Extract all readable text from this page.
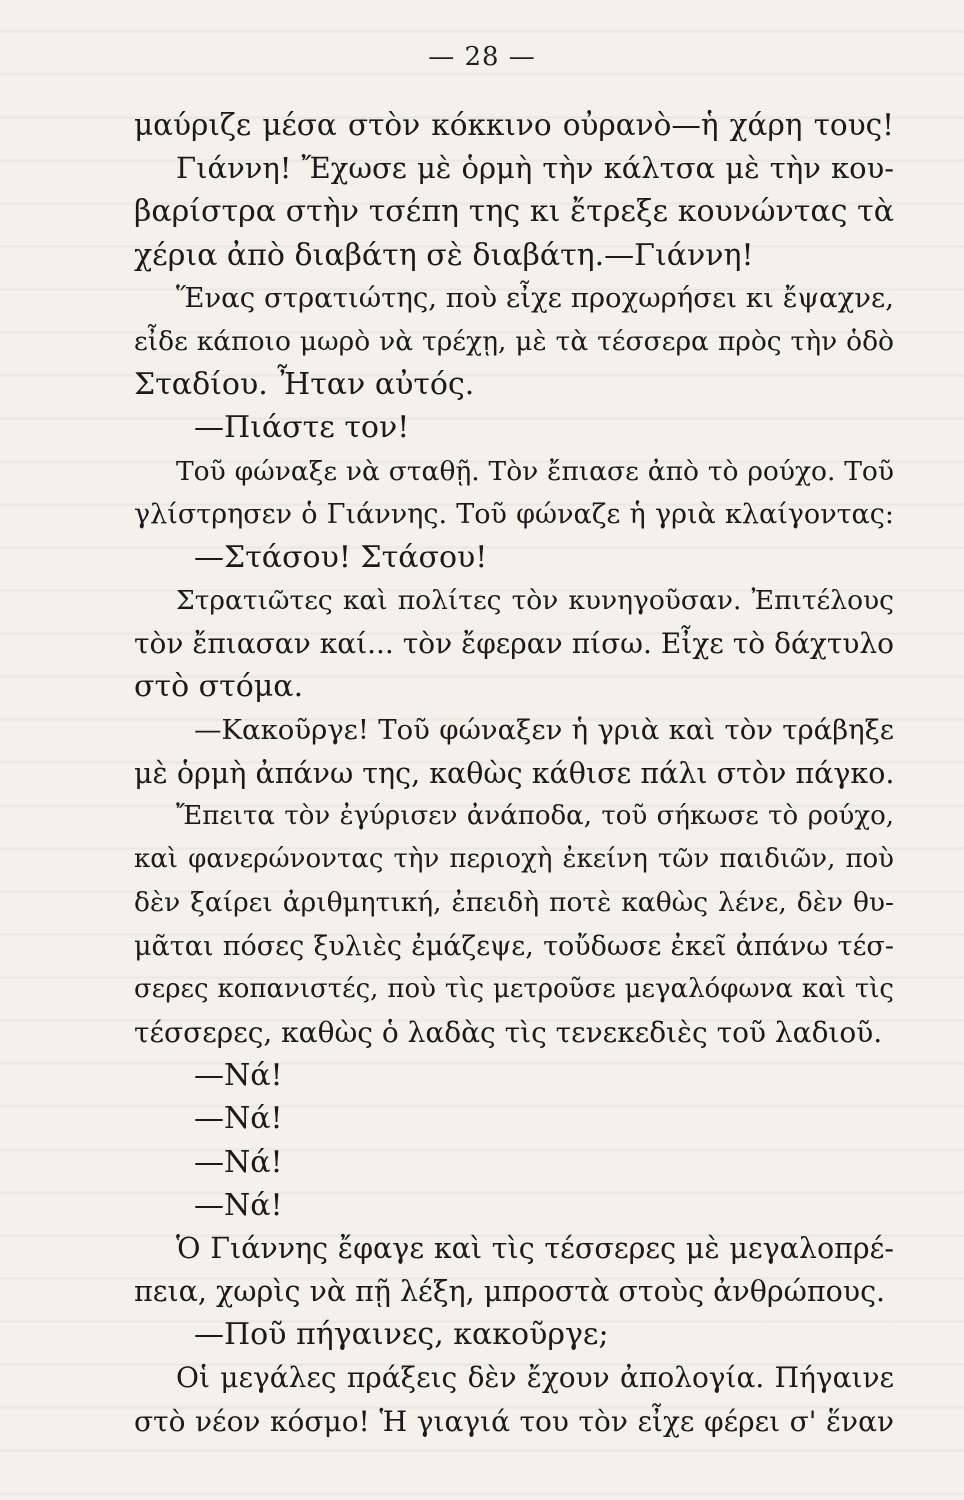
— 28 —
μαύριζε μέσα στὸν κόκκινο οὐρανὸ—ἡ χάρη τους!
Γιάννη! Ἔχωσε μὲ ὁρμὴ τὴν κάλτσα μὲ τὴν κου-
βαρίστρα στὴν τσέπη της κι ἔτρεξε κουνώντας τὰ
χέρια ἀπὸ διαβάτη σὲ διαβάτη.—Γιάννη!
Ἕνας στρατιώτης, ποὺ εἶχε προχωρήσει κι ἔψαχνε,
εἶδε κάποιο μωρὸ νὰ τρέχῃ, μὲ τὰ τέσσερα πρὸς τὴν ὁδὸ
Σταδίου. Ἦταν αὐτός.
—Πιάστε τον!
Τοῦ φώναξε νὰ σταθῇ. Τὸν ἔπιασε ἀπὸ τὸ ρούχο. Τοῦ
γλίστρησεν ὁ Γιάννης. Τοῦ φώναζε ἡ γριὰ κλαίγοντας:
—Στάσου! Στάσου!
Στρατιῶτες καὶ πολίτες τὸν κυνηγοῦσαν. Ἐπιτέλους
τὸν ἔπιασαν καί... τὸν ἔφεραν πίσω. Εἶχε τὸ δάχτυλο
στὸ στόμα.
—Κακοῦργε! Τοῦ φώναξεν ἡ γριὰ καὶ τὸν τράβηξε
μὲ ὁρμὴ ἀπάνω της, καθὼς κάθισε πάλι στὸν πάγκο.
Ἔπειτα τὸν ἐγύρισεν ἀνάποδα, τοῦ σήκωσε τὸ ρούχο,
καὶ φανερώνοντας τὴν περιοχὴ ἐκείνη τῶν παιδιῶν, ποὺ
δὲν ξαίρει ἀριθμητική, ἐπειδὴ ποτὲ καθὼς λένε, δὲν θυ-
μᾶται πόσες ξυλιὲς ἐμάζεψε, τοὔδωσε ἐκεῖ ἀπάνω τέσ-
σερες κοπανιστές, ποὺ τὶς μετροῦσε μεγαλόφωνα καὶ τὶς
τέσσερες, καθὼς ὁ λαδὰς τὶς τενεκεδιὲς τοῦ λαδιοῦ.
—Νά!
—Νά!
—Νά!
—Νά!
Ὁ Γιάννης ἔφαγε καὶ τὶς τέσσερες μὲ μεγαλοπρέ-
πεια, χωρὶς νὰ πῇ λέξη, μπροστὰ στοὺς ἀνθρώπους.
—Ποῦ πήγαινες, κακοῦργε;
Οἱ μεγάλες πράξεις δὲν ἔχουν ἀπολογία. Πήγαινε
στὸ νέον κόσμο! Ἡ γιαγιά του τὸν εἶχε φέρει σ' ἕναν
